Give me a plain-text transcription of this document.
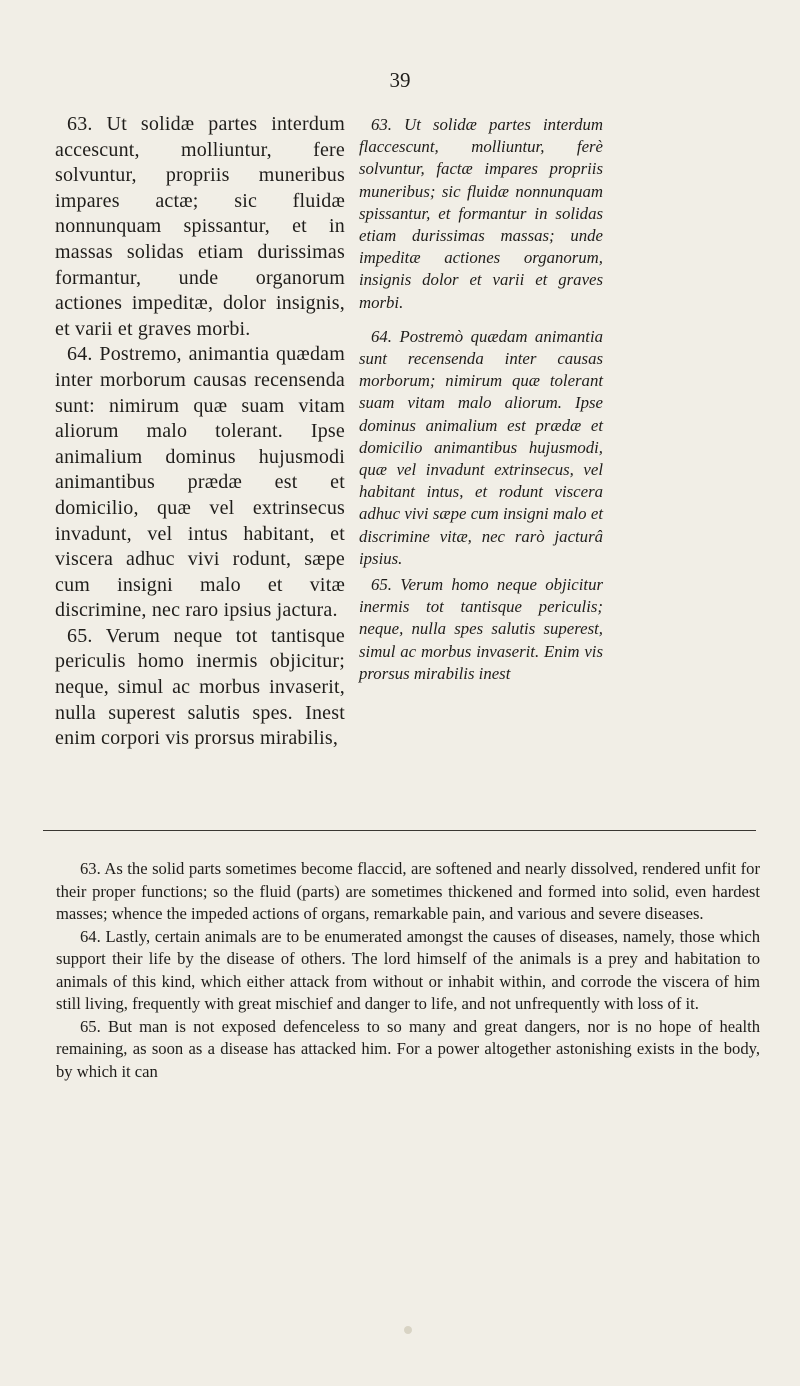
39

63. Ut solidæ partes interdum accescunt, molliuntur, fere solvuntur, propriis muneribus impares actæ; sic fluidæ nonnunquam spissantur, et in massas solidas etiam durissimas formantur, unde organorum actiones impeditæ, dolor insignis, et varii et graves morbi.

64. Postremo, animantia quædam inter morborum causas recensenda sunt: nimirum quæ suam vitam aliorum malo tolerant. Ipse animalium dominus hujusmodi animantibus prædæ est et domicilio, quæ vel extrinsecus invadunt, vel intus habitant, et viscera adhuc vivi rodunt, sæpe cum insigni malo et vitæ discrimine, nec raro ipsius jactura.

65. Verum neque tot tantisque periculis homo inermis objicitur; neque, simul ac morbus invaserit, nulla superest salutis spes. Inest enim corpori vis prorsus mirabilis,

63. Ut solidæ partes interdum flaccescunt, molliuntur, ferè solvuntur, factæ impares propriis muneribus; sic fluidæ nonnunquam spissantur, et formantur in solidas etiam durissimas massas; unde impeditæ actiones organorum, insignis dolor et varii et graves morbi.

64. Postremò quædam animantia sunt recensenda inter causas morborum; nimirum quæ tolerant suam vitam malo aliorum. Ipse dominus animalium est prædæ et domicilio animantibus hujusmodi, quæ vel invadunt extrinsecus, vel habitant intus, et rodunt viscera adhuc vivi sæpe cum insigni malo et discrimine vitæ, nec rarò jacturâ ipsius.

65. Verum homo neque objicitur inermis tot tantisque periculis; neque, nulla spes salutis superest, simul ac morbus invaserit. Enim vis prorsus mirabilis inest

63. As the solid parts sometimes become flaccid, are softened and nearly dissolved, rendered unfit for their proper functions; so the fluid (parts) are sometimes thickened and formed into solid, even hardest masses; whence the impeded actions of organs, remarkable pain, and various and severe diseases.

64. Lastly, certain animals are to be enumerated amongst the causes of diseases, namely, those which support their life by the disease of others. The lord himself of the animals is a prey and habitation to animals of this kind, which either attack from without or inhabit within, and corrode the viscera of him still living, frequently with great mischief and danger to life, and not unfrequently with loss of it.

65. But man is not exposed defenceless to so many and great dangers, nor is no hope of health remaining, as soon as a disease has attacked him. For a power altogether astonishing exists in the body, by which it can
